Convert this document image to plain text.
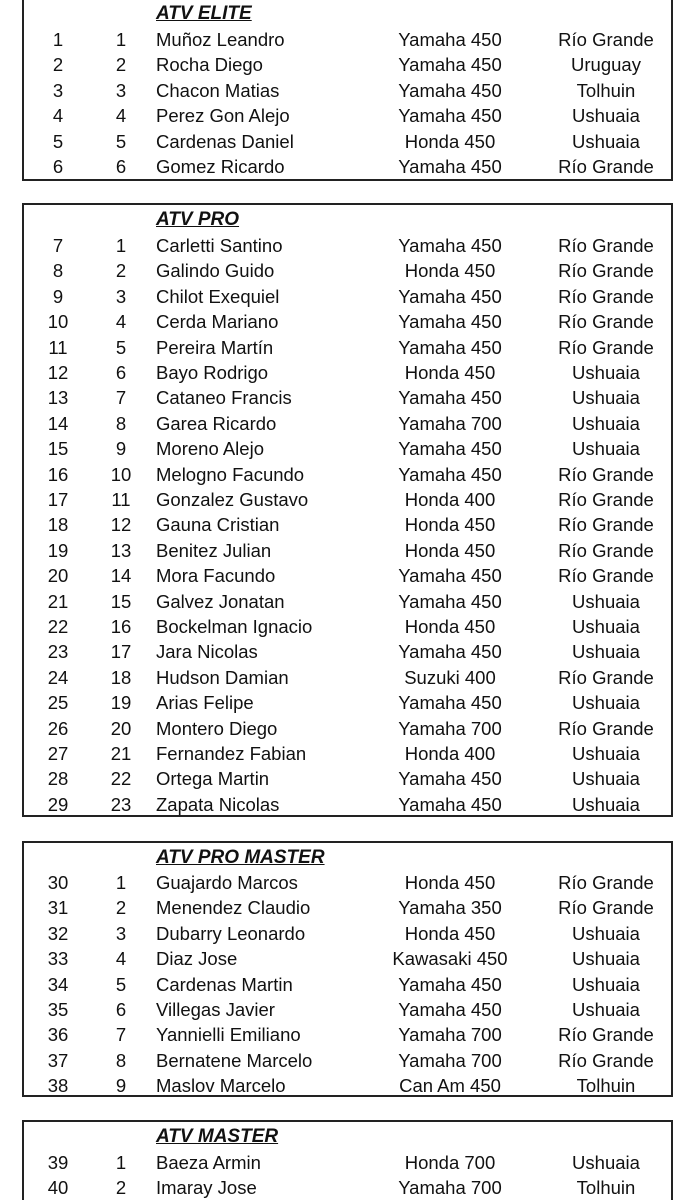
ATV ELITE
1	1	Muñoz Leandro	Yamaha 450	Río Grande
2	2	Rocha Diego	Yamaha 450	Uruguay
3	3	Chacon Matias	Yamaha 450	Tolhuin
4	4	Perez Gon Alejo	Yamaha 450	Ushuaia
5	5	Cardenas Daniel	Honda 450	Ushuaia
6	6	Gomez Ricardo	Yamaha 450	Río Grande
ATV PRO
7	1	Carletti Santino	Yamaha 450	Río Grande
8	2	Galindo Guido	Honda 450	Río Grande
9	3	Chilot Exequiel	Yamaha 450	Río Grande
10	4	Cerda Mariano	Yamaha 450	Río Grande
11	5	Pereira Martín	Yamaha 450	Río Grande
12	6	Bayo Rodrigo	Honda 450	Ushuaia
13	7	Cataneo Francis	Yamaha 450	Ushuaia
14	8	Garea Ricardo	Yamaha 700	Ushuaia
15	9	Moreno Alejo	Yamaha 450	Ushuaia
16	10	Melogno Facundo	Yamaha 450	Río Grande
17	11	Gonzalez Gustavo	Honda 400	Río Grande
18	12	Gauna Cristian	Honda 450	Río Grande
19	13	Benitez Julian	Honda 450	Río Grande
20	14	Mora Facundo	Yamaha 450	Río Grande
21	15	Galvez Jonatan	Yamaha 450	Ushuaia
22	16	Bockelman Ignacio	Honda 450	Ushuaia
23	17	Jara Nicolas	Yamaha 450	Ushuaia
24	18	Hudson Damian	Suzuki 400	Río Grande
25	19	Arias Felipe	Yamaha 450	Ushuaia
26	20	Montero Diego	Yamaha 700	Río Grande
27	21	Fernandez Fabian	Honda 400	Ushuaia
28	22	Ortega Martin	Yamaha 450	Ushuaia
29	23	Zapata Nicolas	Yamaha 450	Ushuaia
ATV PRO MASTER
30	1	Guajardo Marcos	Honda 450	Río Grande
31	2	Menendez Claudio	Yamaha 350	Río Grande
32	3	Dubarry Leonardo	Honda 450	Ushuaia
33	4	Diaz Jose	Kawasaki 450	Ushuaia
34	5	Cardenas Martin	Yamaha 450	Ushuaia
35	6	Villegas Javier	Yamaha 450	Ushuaia
36	7	Yannielli Emiliano	Yamaha 700	Río Grande
37	8	Bernatene Marcelo	Yamaha 700	Río Grande
38	9	Maslov Marcelo	Can Am 450	Tolhuin
ATV MASTER
39	1	Baeza Armin	Honda 700	Ushuaia
40	2	Imaray Jose	Yamaha 700	Tolhuin
